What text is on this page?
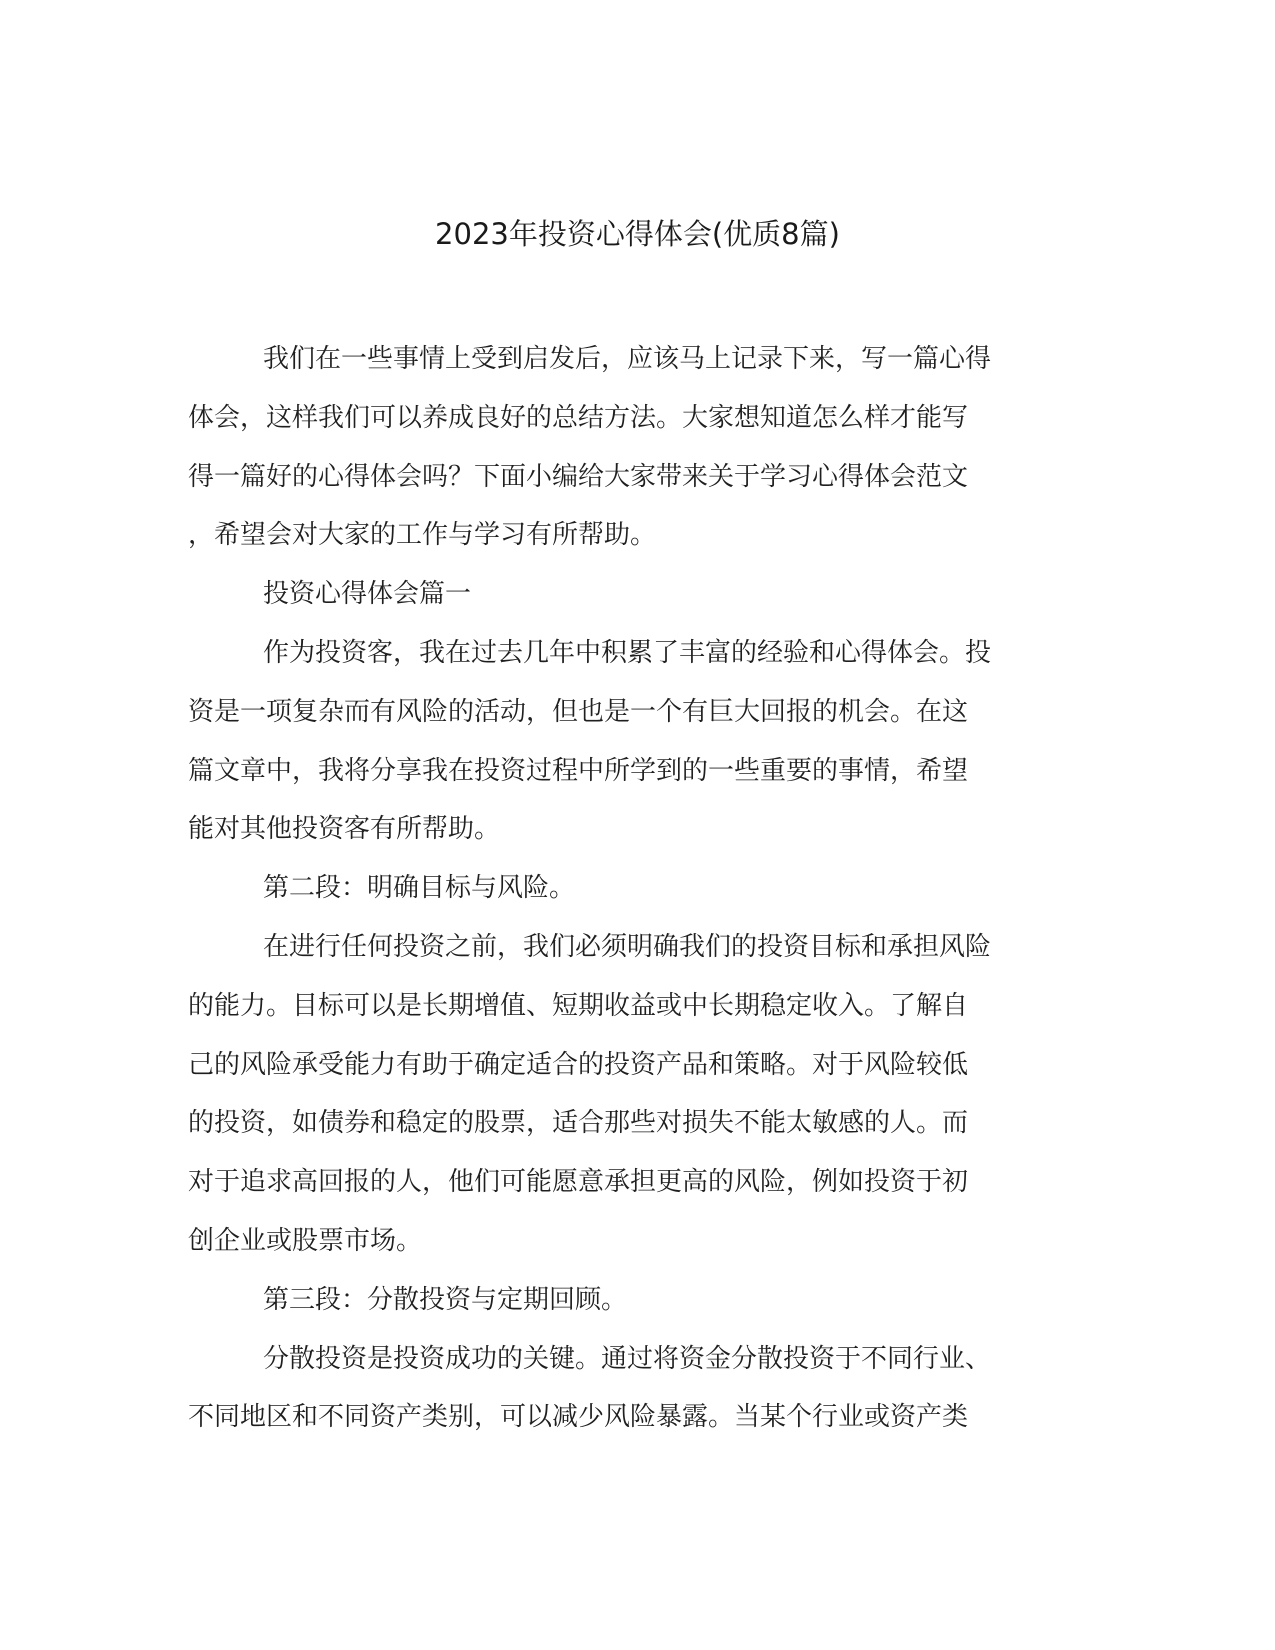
2023年投资心得体会(优质8篇)
我们在一些事情上受到启发后，应该马上记录下来，写一篇心得
体会，这样我们可以养成良好的总结方法。大家想知道怎么样才能写
得一篇好的心得体会吗？下面小编给大家带来关于学习心得体会范文
，希望会对大家的工作与学习有所帮助。
投资心得体会篇一
作为投资客，我在过去几年中积累了丰富的经验和心得体会。投
资是一项复杂而有风险的活动，但也是一个有巨大回报的机会。在这
篇文章中，我将分享我在投资过程中所学到的一些重要的事情，希望
能对其他投资客有所帮助。
第二段：明确目标与风险。
在进行任何投资之前，我们必须明确我们的投资目标和承担风险
的能力。目标可以是长期增值、短期收益或中长期稳定收入。了解自
己的风险承受能力有助于确定适合的投资产品和策略。对于风险较低
的投资，如债券和稳定的股票，适合那些对损失不能太敏感的人。而
对于追求高回报的人，他们可能愿意承担更高的风险，例如投资于初
创企业或股票市场。
第三段：分散投资与定期回顾。
分散投资是投资成功的关键。通过将资金分散投资于不同行业、
不同地区和不同资产类别，可以减少风险暴露。当某个行业或资产类
